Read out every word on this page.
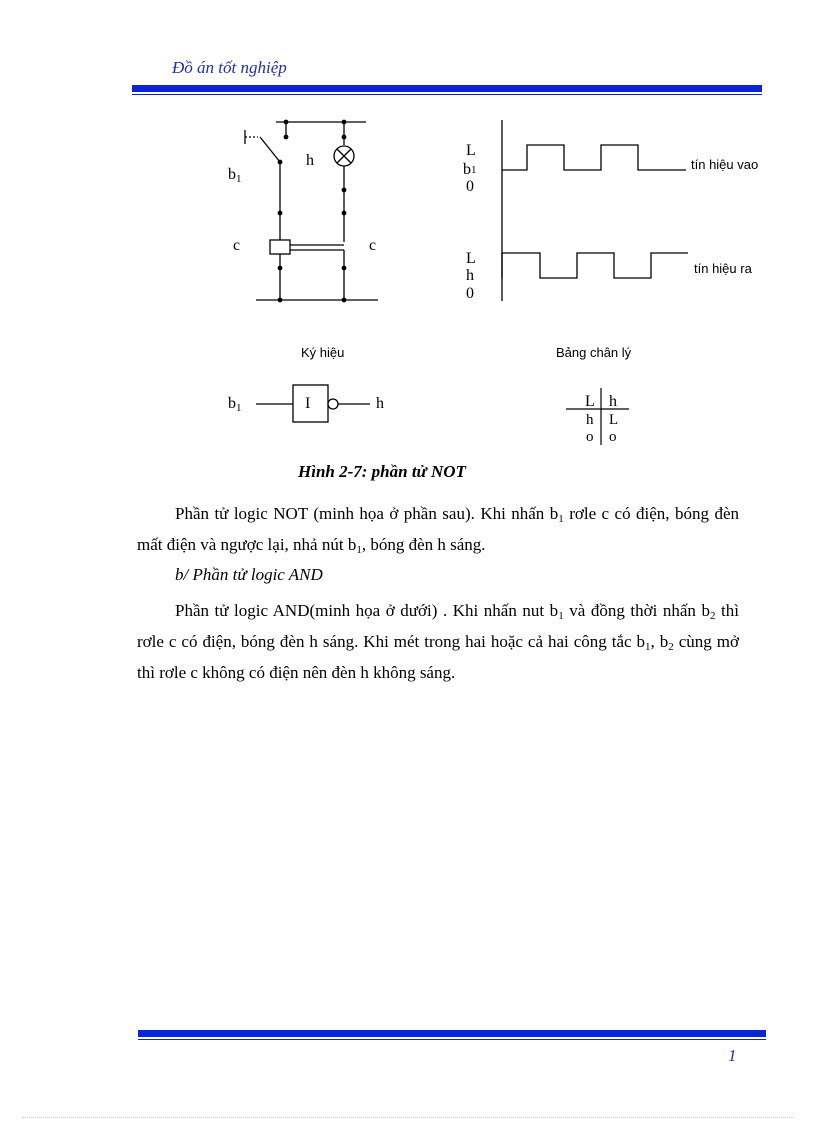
Đồ án tốt nghiệp
b1
h
c	c
L
b1
0
tín hiệu vao
L
h
0
tín hiệu ra
Ký hiệu
b1	I	h
Bảng chân lý
L h
h L
o o
Hình 2-7: phần tử NOT
Phần tử logic NOT (minh họa ở phần sau). Khi nhấn $b_1$ rơle c có điện, bóng đèn mất điện và ngược lại, nhả nút $b_1$, bóng đèn h sáng.
b/ Phần tử logic AND
Phần tử logic AND(minh họa ở dưới) . Khi nhấn nut $b_1$ và đồng thời nhấn $b_2$ thì rơle c có điện, bóng đèn h sáng. Khi mét trong hai hoặc cả hai công tắc $b_1$, $b_2$ cùng mở thì rơle c không có điện nên đèn h không sáng.
1
